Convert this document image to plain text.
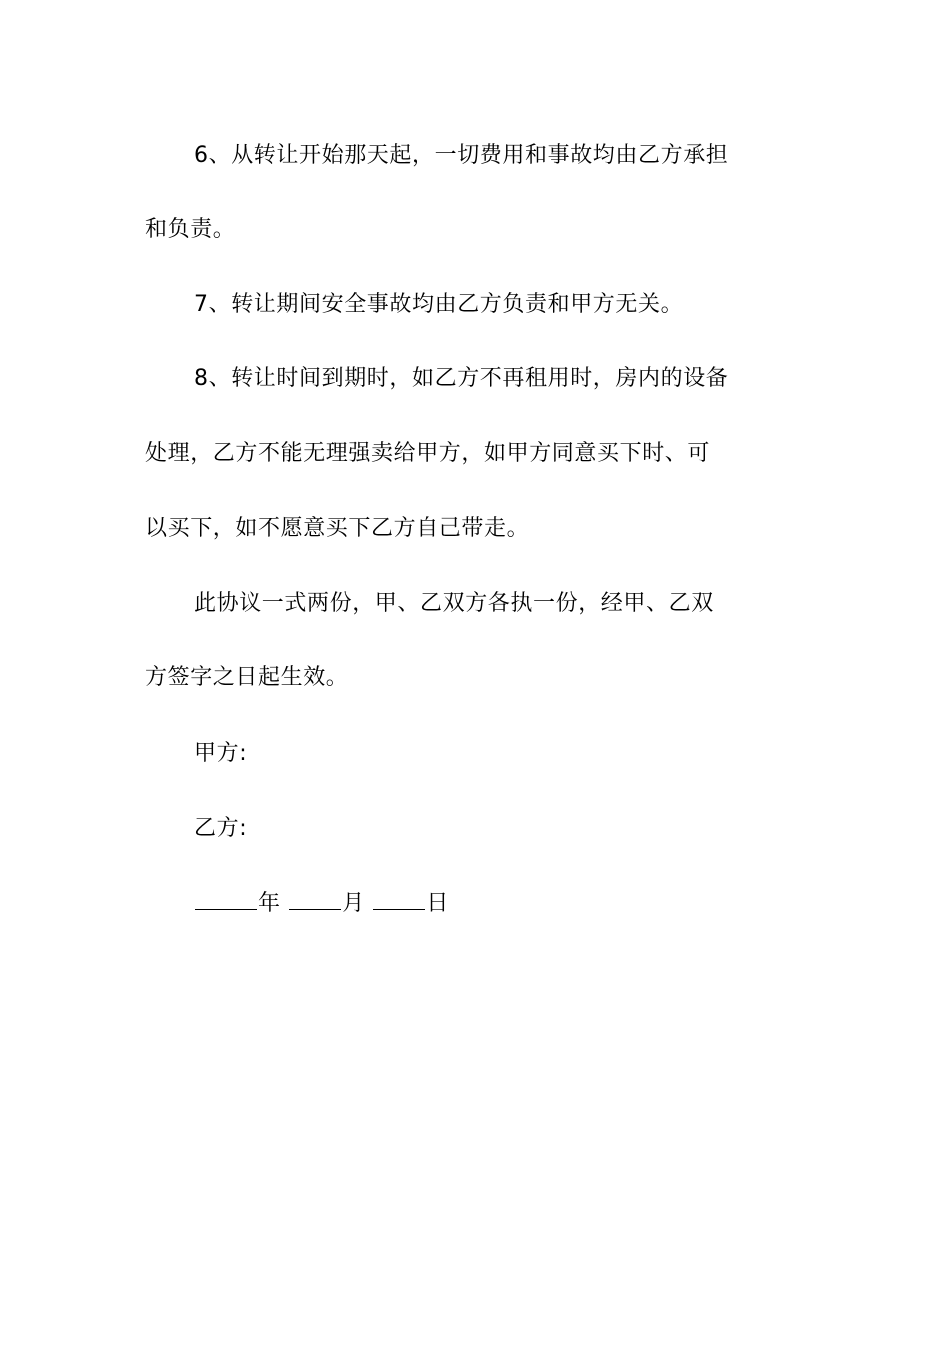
6、从转让开始那天起，一切费用和事故均由乙方承担
和负责。
7、转让期间安全事故均由乙方负责和甲方无关。
8、转让时间到期时，如乙方不再租用时，房内的设备
处理，乙方不能无理强卖给甲方，如甲方同意买下时、可
以买下，如不愿意买下乙方自己带走。
此协议一式两份，甲、乙双方各执一份，经甲、乙双
方签字之日起生效。
甲方:
乙方:
年	月	日
